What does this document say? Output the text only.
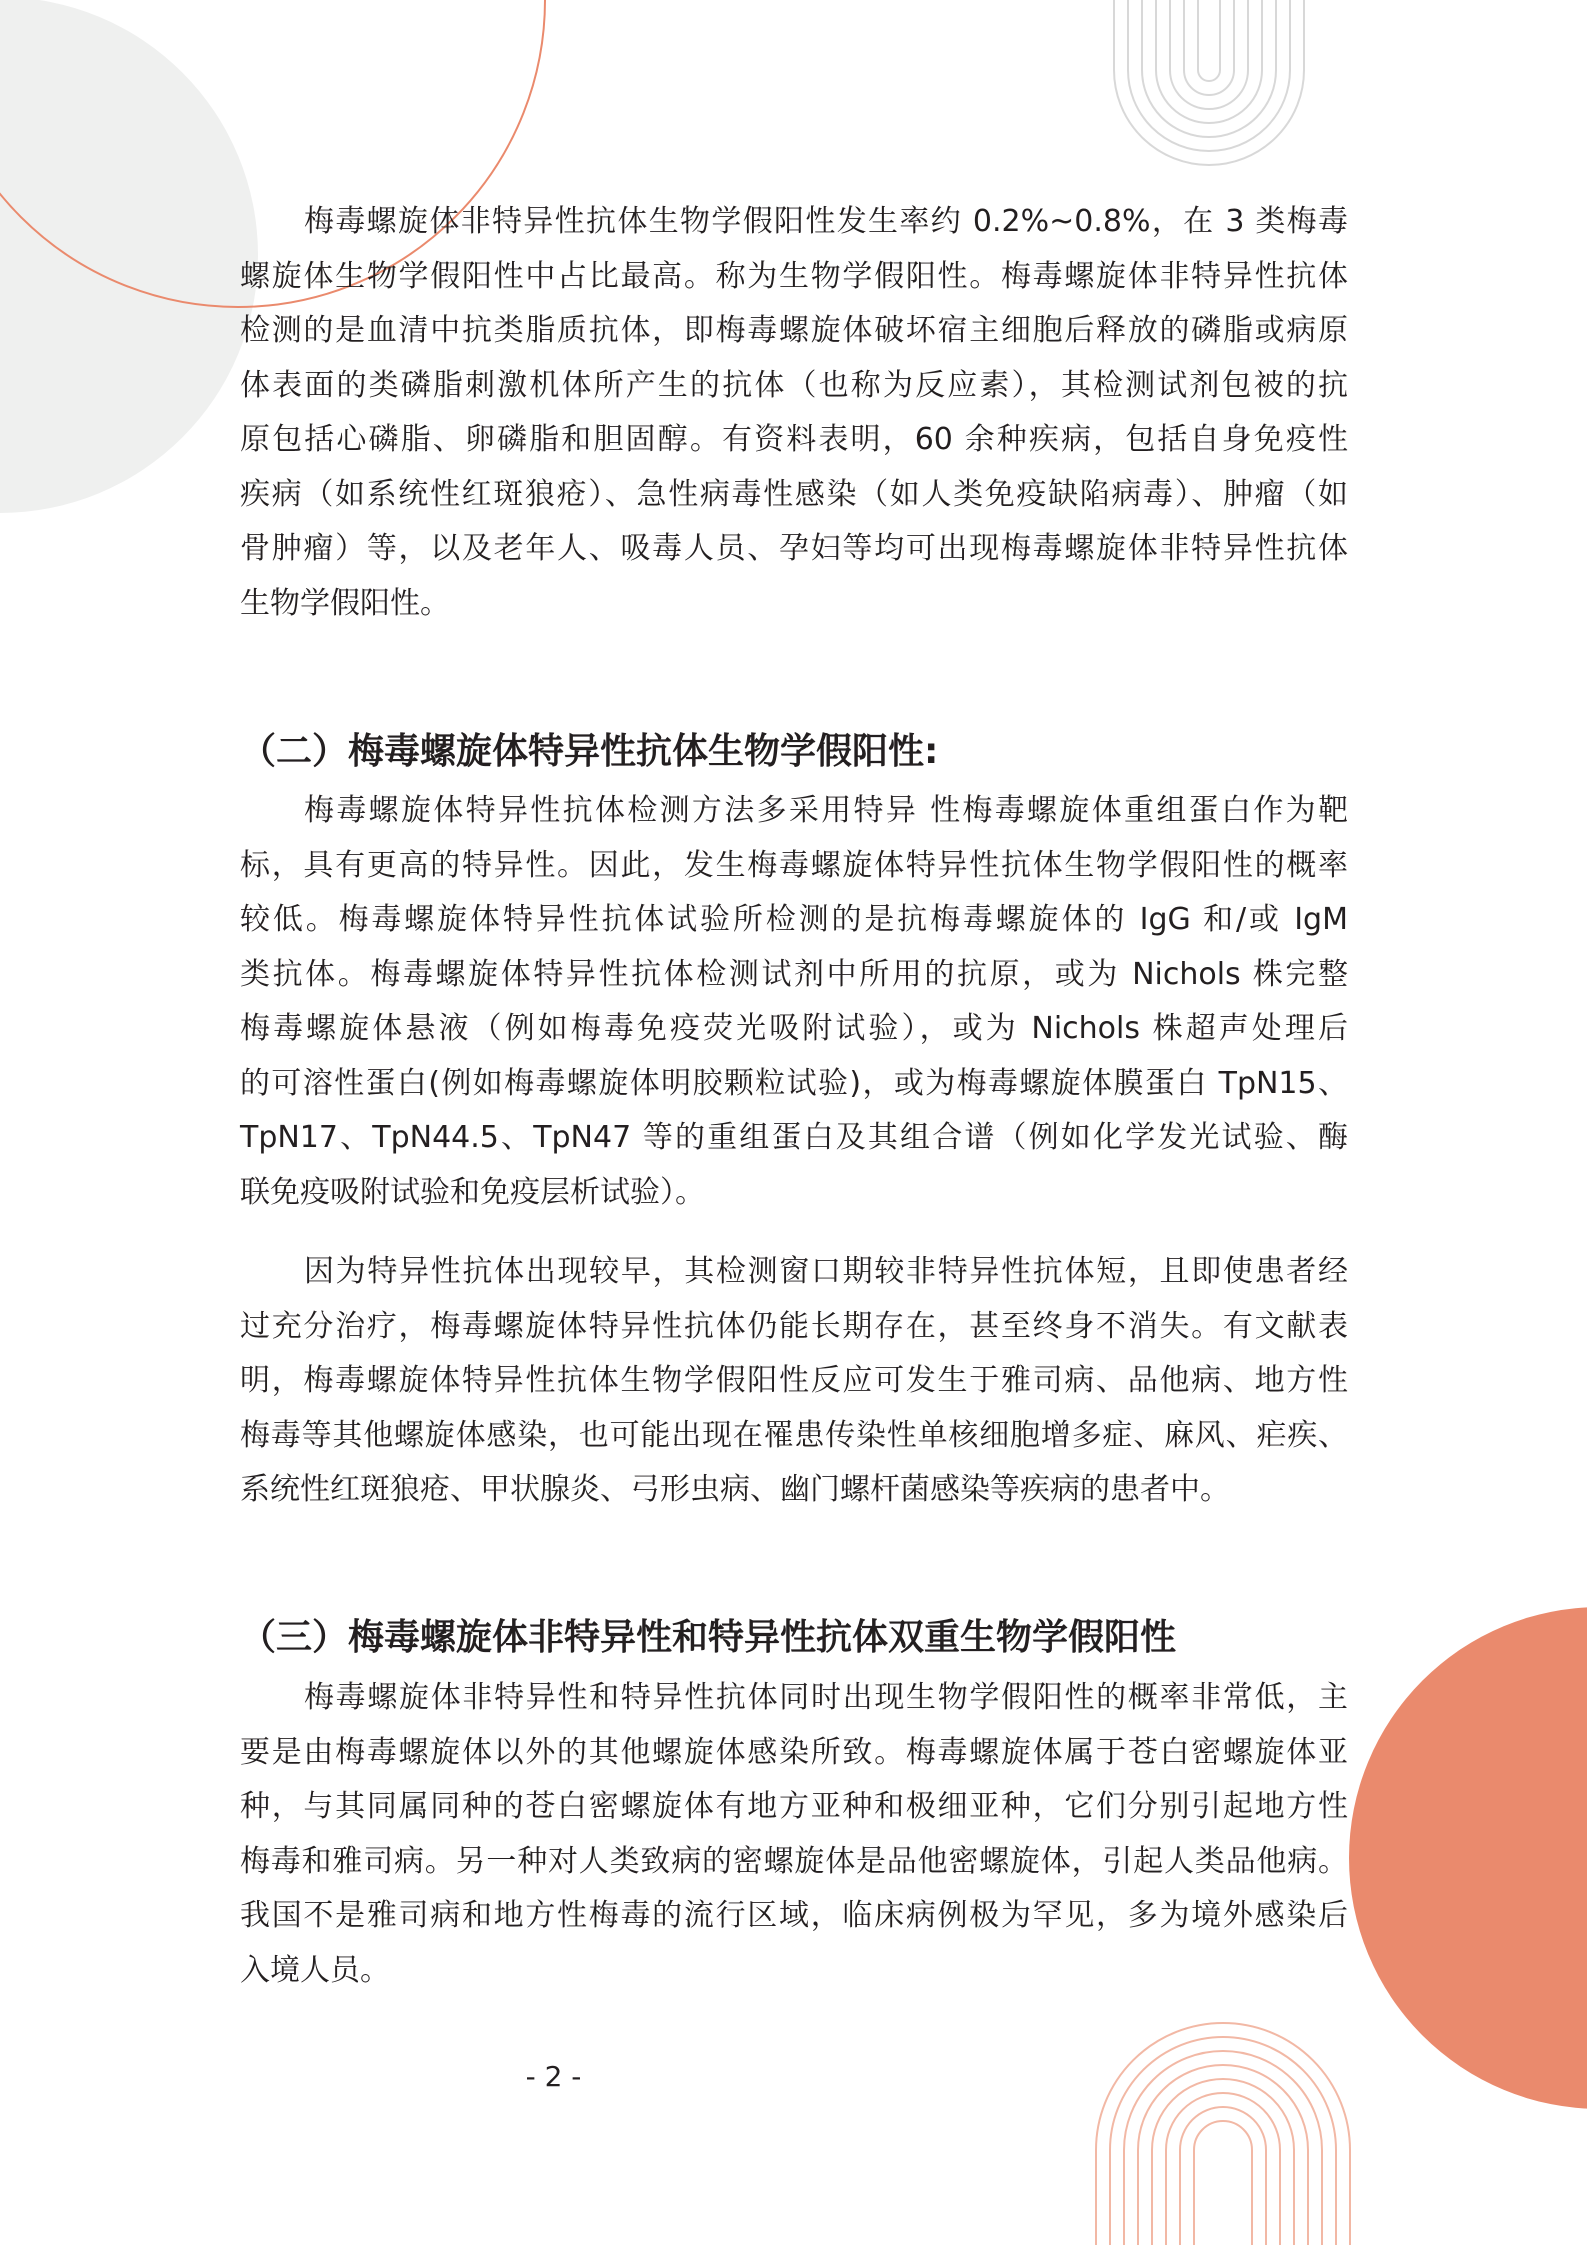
梅毒螺旋体非特异性抗体生物学假阳性发生率约 0.2%~0.8%，在 3 类梅毒
螺旋体生物学假阳性中占比最高。称为生物学假阳性。梅毒螺旋体非特异性抗体
检测的是血清中抗类脂质抗体，即梅毒螺旋体破坏宿主细胞后释放的磷脂或病原
体表面的类磷脂刺激机体所产生的抗体（也称为反应素），其检测试剂包被的抗
原包括心磷脂、卵磷脂和胆固醇。有资料表明，60 余种疾病，包括自身免疫性
疾病（如系统性红斑狼疮）、急性病毒性感染（如人类免疫缺陷病毒）、肿瘤（如
骨肿瘤）等，以及老年人、吸毒人员、孕妇等均可出现梅毒螺旋体非特异性抗体
生物学假阳性。
（二）梅毒螺旋体特异性抗体生物学假阳性:
梅毒螺旋体特异性抗体检测方法多采用特异 性梅毒螺旋体重组蛋白作为靶
标，具有更高的特异性。因此，发生梅毒螺旋体特异性抗体生物学假阳性的概率
较低。梅毒螺旋体特异性抗体试验所检测的是抗梅毒螺旋体的 IgG 和/或 IgM
类抗体。梅毒螺旋体特异性抗体检测试剂中所用的抗原，或为 Nichols 株完整
梅毒螺旋体悬液（例如梅毒免疫荧光吸附试验），或为 Nichols 株超声处理后
的可溶性蛋白(例如梅毒螺旋体明胶颗粒试验)，或为梅毒螺旋体膜蛋白 TpN15、
TpN17、TpN44.5、TpN47 等的重组蛋白及其组合谱（例如化学发光试验、酶
联免疫吸附试验和免疫层析试验）。
因为特异性抗体出现较早，其检测窗口期较非特异性抗体短，且即使患者经
过充分治疗，梅毒螺旋体特异性抗体仍能长期存在，甚至终身不消失。有文献表
明，梅毒螺旋体特异性抗体生物学假阳性反应可发生于雅司病、品他病、地方性
梅毒等其他螺旋体感染，也可能出现在罹患传染性单核细胞增多症、麻风、疟疾、
系统性红斑狼疮、甲状腺炎、弓形虫病、幽门螺杆菌感染等疾病的患者中。
（三）梅毒螺旋体非特异性和特异性抗体双重生物学假阳性
梅毒螺旋体非特异性和特异性抗体同时出现生物学假阳性的概率非常低，主
要是由梅毒螺旋体以外的其他螺旋体感染所致。梅毒螺旋体属于苍白密螺旋体亚
种，与其同属同种的苍白密螺旋体有地方亚种和极细亚种，它们分别引起地方性
梅毒和雅司病。另一种对人类致病的密螺旋体是品他密螺旋体，引起人类品他病。
我国不是雅司病和地方性梅毒的流行区域，临床病例极为罕见，多为境外感染后
入境人员。
- 2 -
